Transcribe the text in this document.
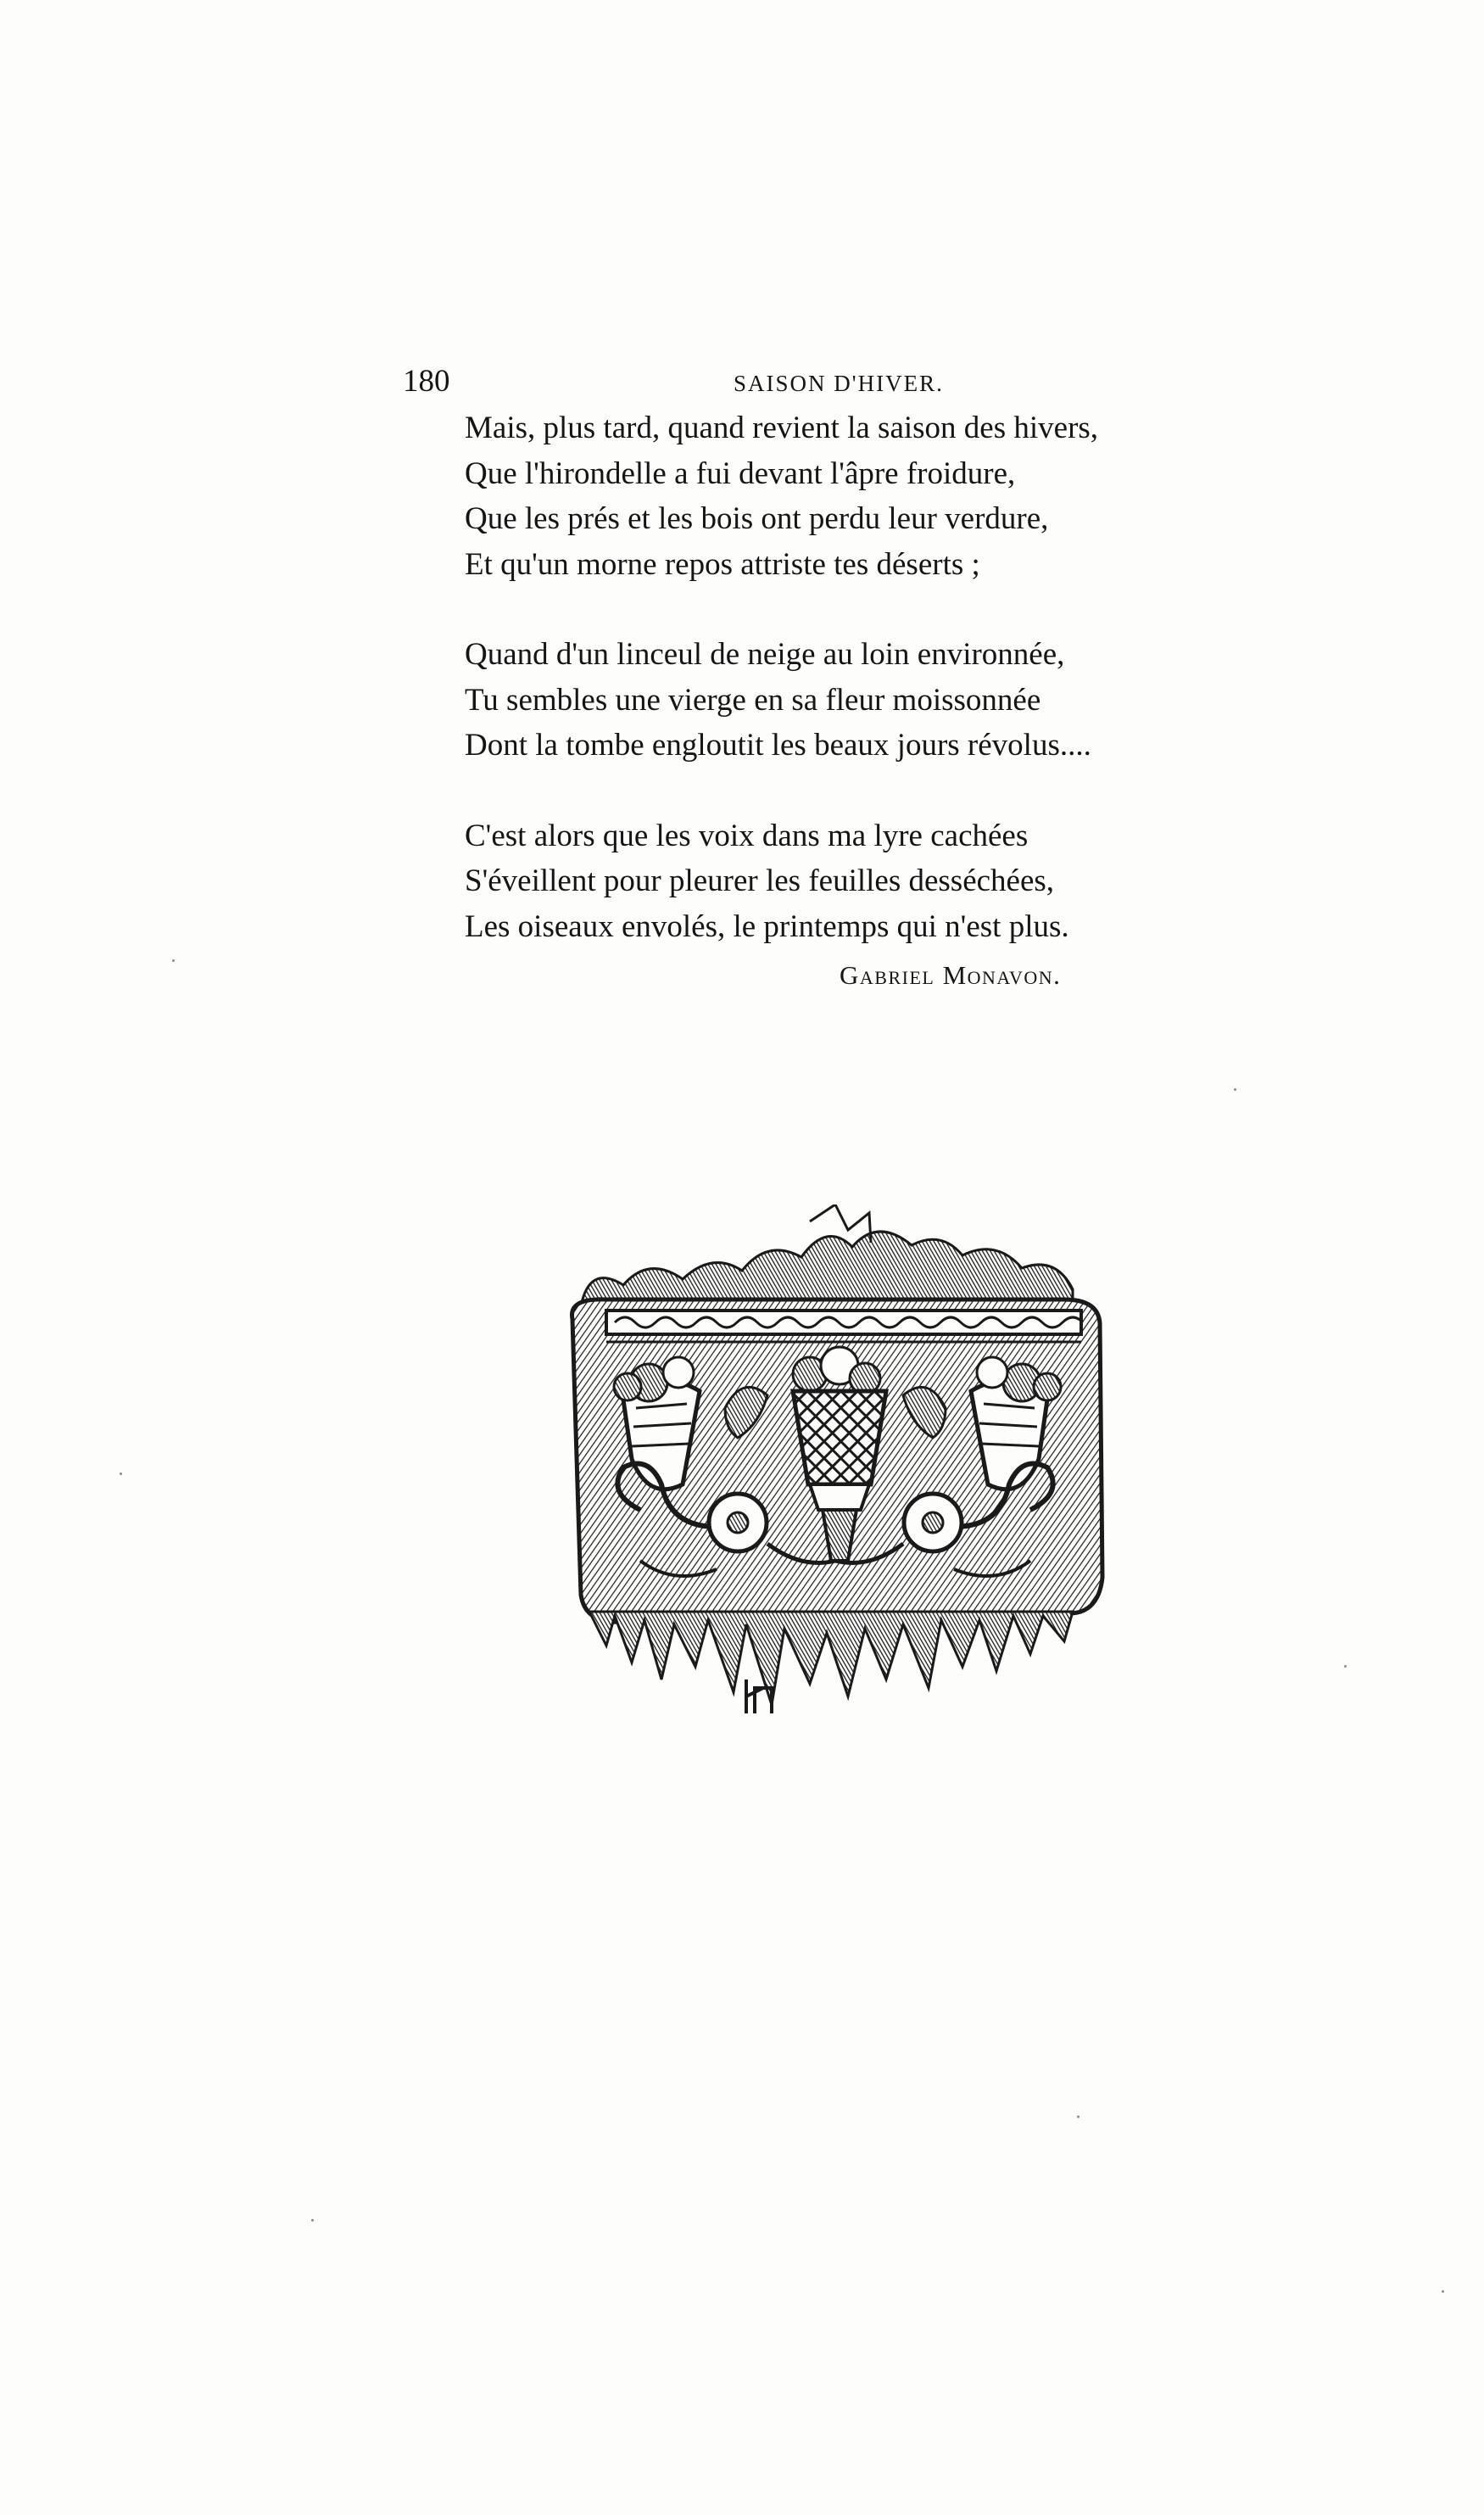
180	SAISON D'HIVER.
Mais, plus tard, quand revient la saison des hivers,
Que l'hirondelle a fui devant l'âpre froidure,
Que les prés et les bois ont perdu leur verdure,
Et qu'un morne repos attriste tes déserts ;
Quand d'un linceul de neige au loin environnée,
Tu sembles une vierge en sa fleur moissonnée
Dont la tombe engloutit les beaux jours révolus....
C'est alors que les voix dans ma lyre cachées
S'éveillent pour pleurer les feuilles desséchées,
Les oiseaux envolés, le printemps qui n'est plus.
Gabriel Monavon.
